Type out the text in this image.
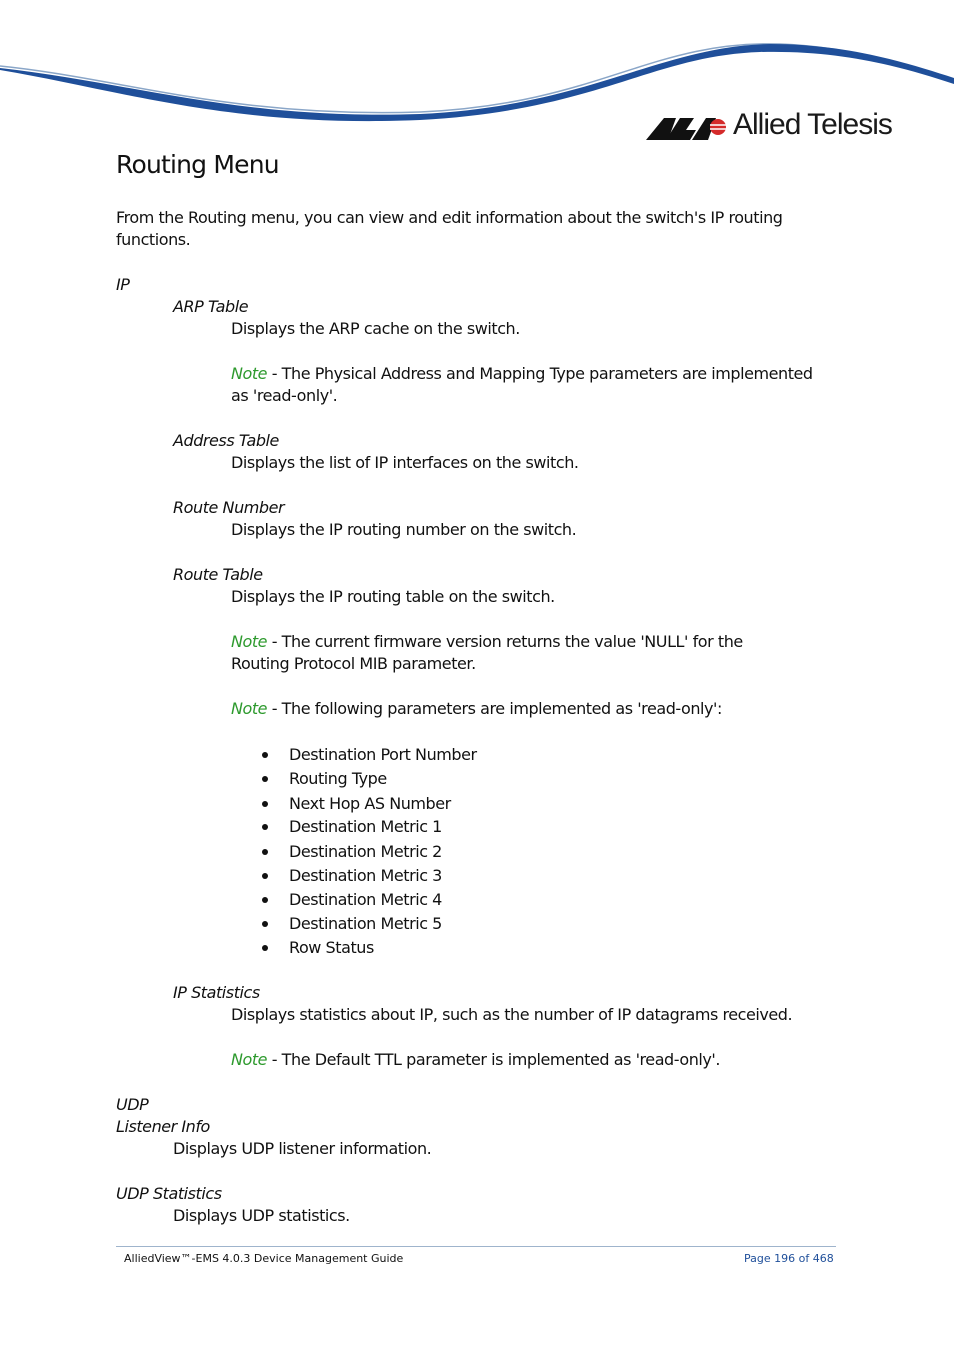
Allied Telesis
Routing Menu
From the Routing menu, you can view and edit information about the switch's IP routing
functions.
IP
ARP Table
Displays the ARP cache on the switch.
Note - The Physical Address and Mapping Type parameters are implemented
as 'read-only'.
Address Table
Displays the list of IP interfaces on the switch.
Route Number
Displays the IP routing number on the switch.
Route Table
Displays the IP routing table on the switch.
Note - The current firmware version returns the value 'NULL' for the
Routing Protocol MIB parameter.
Note - The following parameters are implemented as 'read-only':
Destination Port Number
Routing Type
Next Hop AS Number
Destination Metric 1
Destination Metric 2
Destination Metric 3
Destination Metric 4
Destination Metric 5
Row Status
IP Statistics
Displays statistics about IP, such as the number of IP datagrams received.
Note - The Default TTL parameter is implemented as 'read-only'.
UDP
Listener Info
Displays UDP listener information.
UDP Statistics
Displays UDP statistics.
AlliedView™-EMS 4.0.3 Device Management Guide	Page 196 of 468
